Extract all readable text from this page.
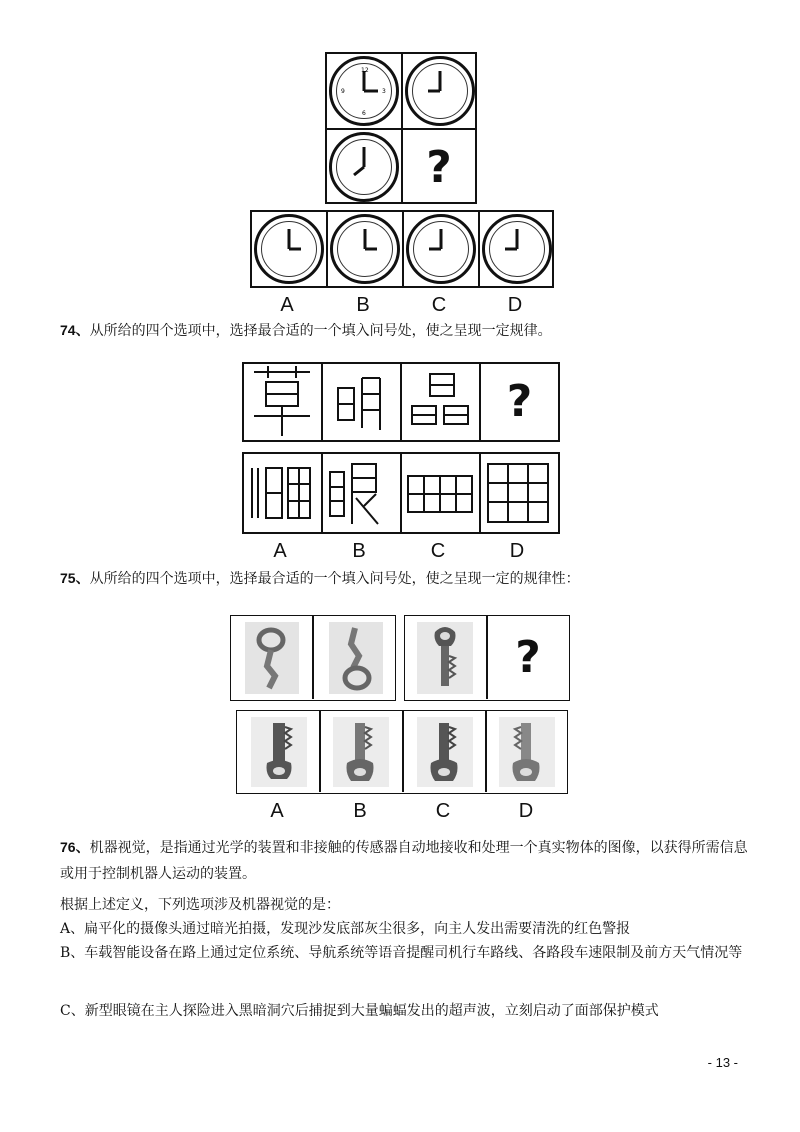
12
3
6
9
?
A	B	C	D
74、从所给的四个选项中，选择最合适的一个填入问号处，使之呈现一定规律。
?
A	B	C	D
75、从所给的四个选项中，选择最合适的一个填入问号处，使之呈现一定的规律性：
?
A	B	C	D
76、机器视觉，是指通过光学的装置和非接触的传感器自动地接收和处理一个真实物体的图像，以获得所需信息或用于控制机器人运动的装置。
根据上述定义，下列选项涉及机器视觉的是：
A、扁平化的摄像头通过暗光拍摄，发现沙发底部灰尘很多，向主人发出需要清洗的红色警报
B、车载智能设备在路上通过定位系统、导航系统等语音提醒司机行车路线、各路段车速限制及前方天气情况等
C、新型眼镜在主人探险进入黑暗洞穴后捕捉到大量蝙蝠发出的超声波，立刻启动了面部保护模式
- 13 -
